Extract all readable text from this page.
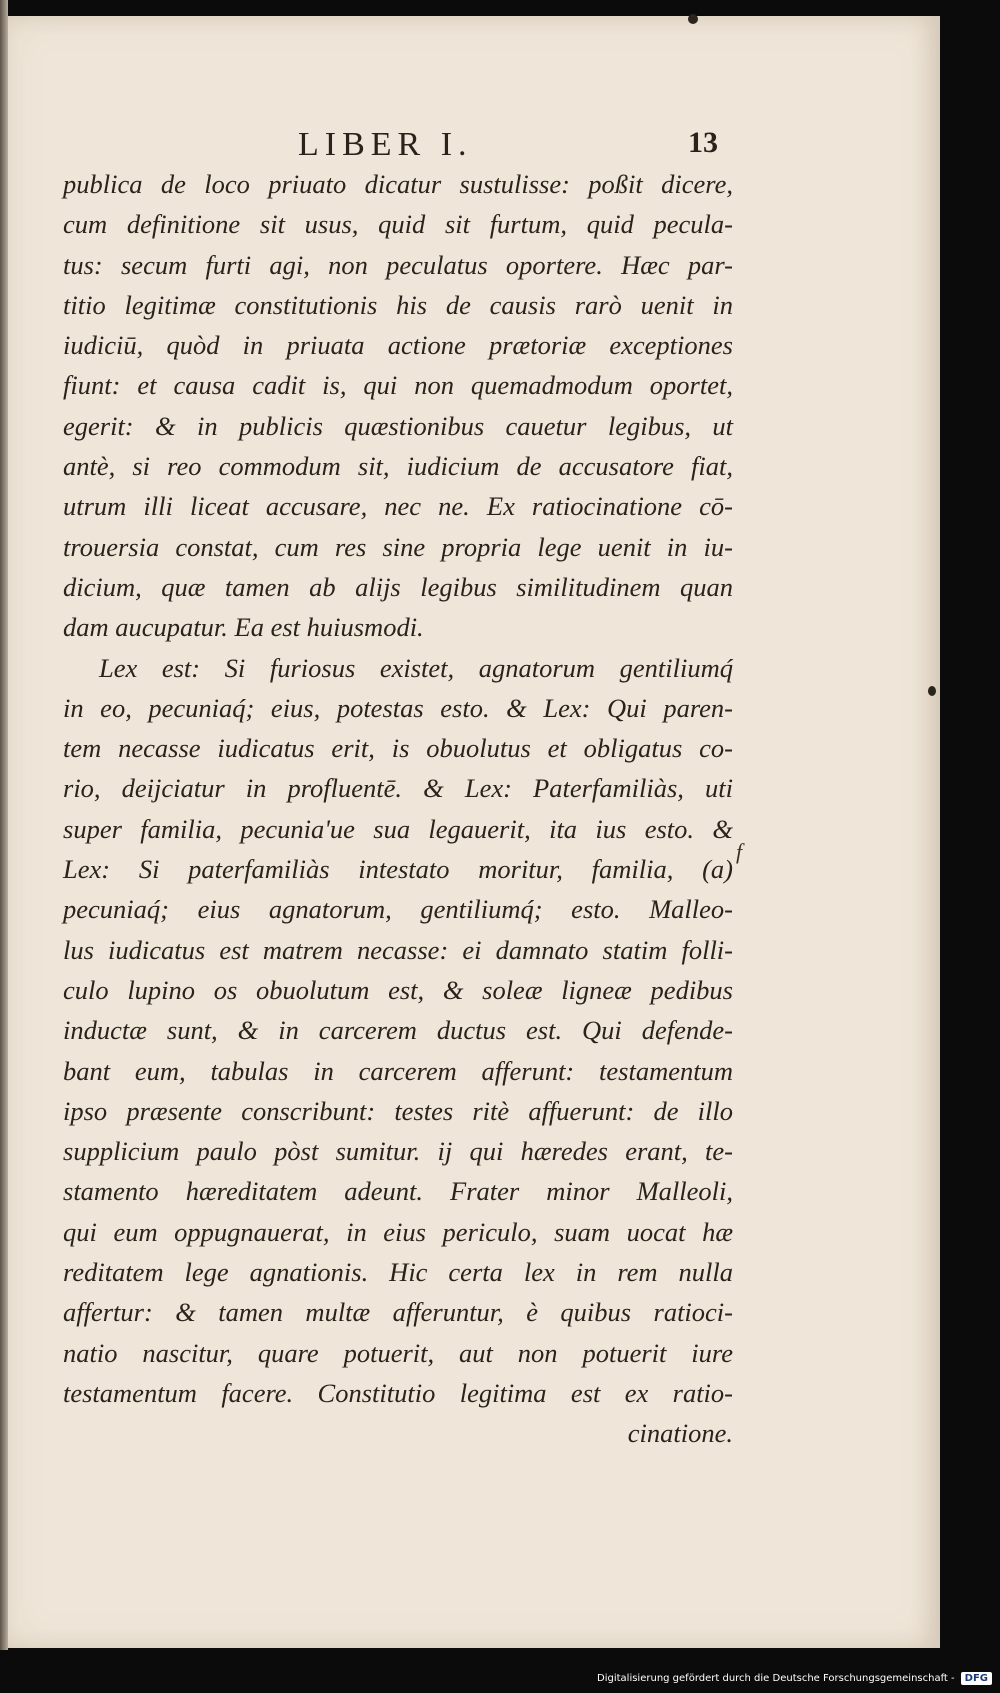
LIBER I.	13
publica de loco priuato dicatur sustulisse: poßit dicere,
cum definitione sit usus, quid sit furtum, quid pecula-
tus: secum furti agi, non peculatus oportere. Hæc par-
titio legitimæ constitutionis his de causis rarò uenit in
iudiciū, quòd in priuata actione prætoriæ exceptiones
fiunt: et causa cadit is, qui non quemadmodum oportet,
egerit: & in publicis quæstionibus cauetur legibus, ut
antè, si reo commodum sit, iudicium de accusatore fiat,
utrum illi liceat accusare, nec ne. Ex ratiocinatione cō-
trouersia constat, cum res sine propria lege uenit in iu-
dicium, quæ tamen ab alijs legibus similitudinem quan
dam aucupatur. Ea est huiusmodi.
Lex est: Si furiosus existet, agnatorum gentiliumq́
in eo, pecuniaq́; eius, potestas esto. & Lex: Qui paren-
tem necasse iudicatus erit, is obuolutus et obligatus co-
rio, deijciatur in profluentē. & Lex: Paterfamiliàs, uti
super familia, pecunia'ue sua legauerit, ita ius esto. &
Lex: Si paterfamiliàs intestato moritur, familia, (a)
pecuniaq́; eius agnatorum, gentiliumq́; esto. Malleo-
lus iudicatus est matrem necasse: ei damnato statim folli-
culo lupino os obuolutum est, & soleæ ligneæ pedibus
inductæ sunt, & in carcerem ductus est. Qui defende-
bant eum, tabulas in carcerem afferunt: testamentum
ipso præsente conscribunt: testes ritè affuerunt: de illo
supplicium paulo pòst sumitur. ij qui hæredes erant, te-
stamento hæreditatem adeunt. Frater minor Malleoli,
qui eum oppugnauerat, in eius periculo, suam uocat hæ
reditatem lege agnationis. Hic certa lex in rem nulla
affertur: & tamen multæ afferuntur, è quibus ratioci-
natio nascitur, quare potuerit, aut non potuerit iure
testamentum facere. Constitutio legitima est ex ratio-
cinatione.
f
Digitalisierung gefördert durch die Deutsche Forschungsgemeinschaft -	DFG
